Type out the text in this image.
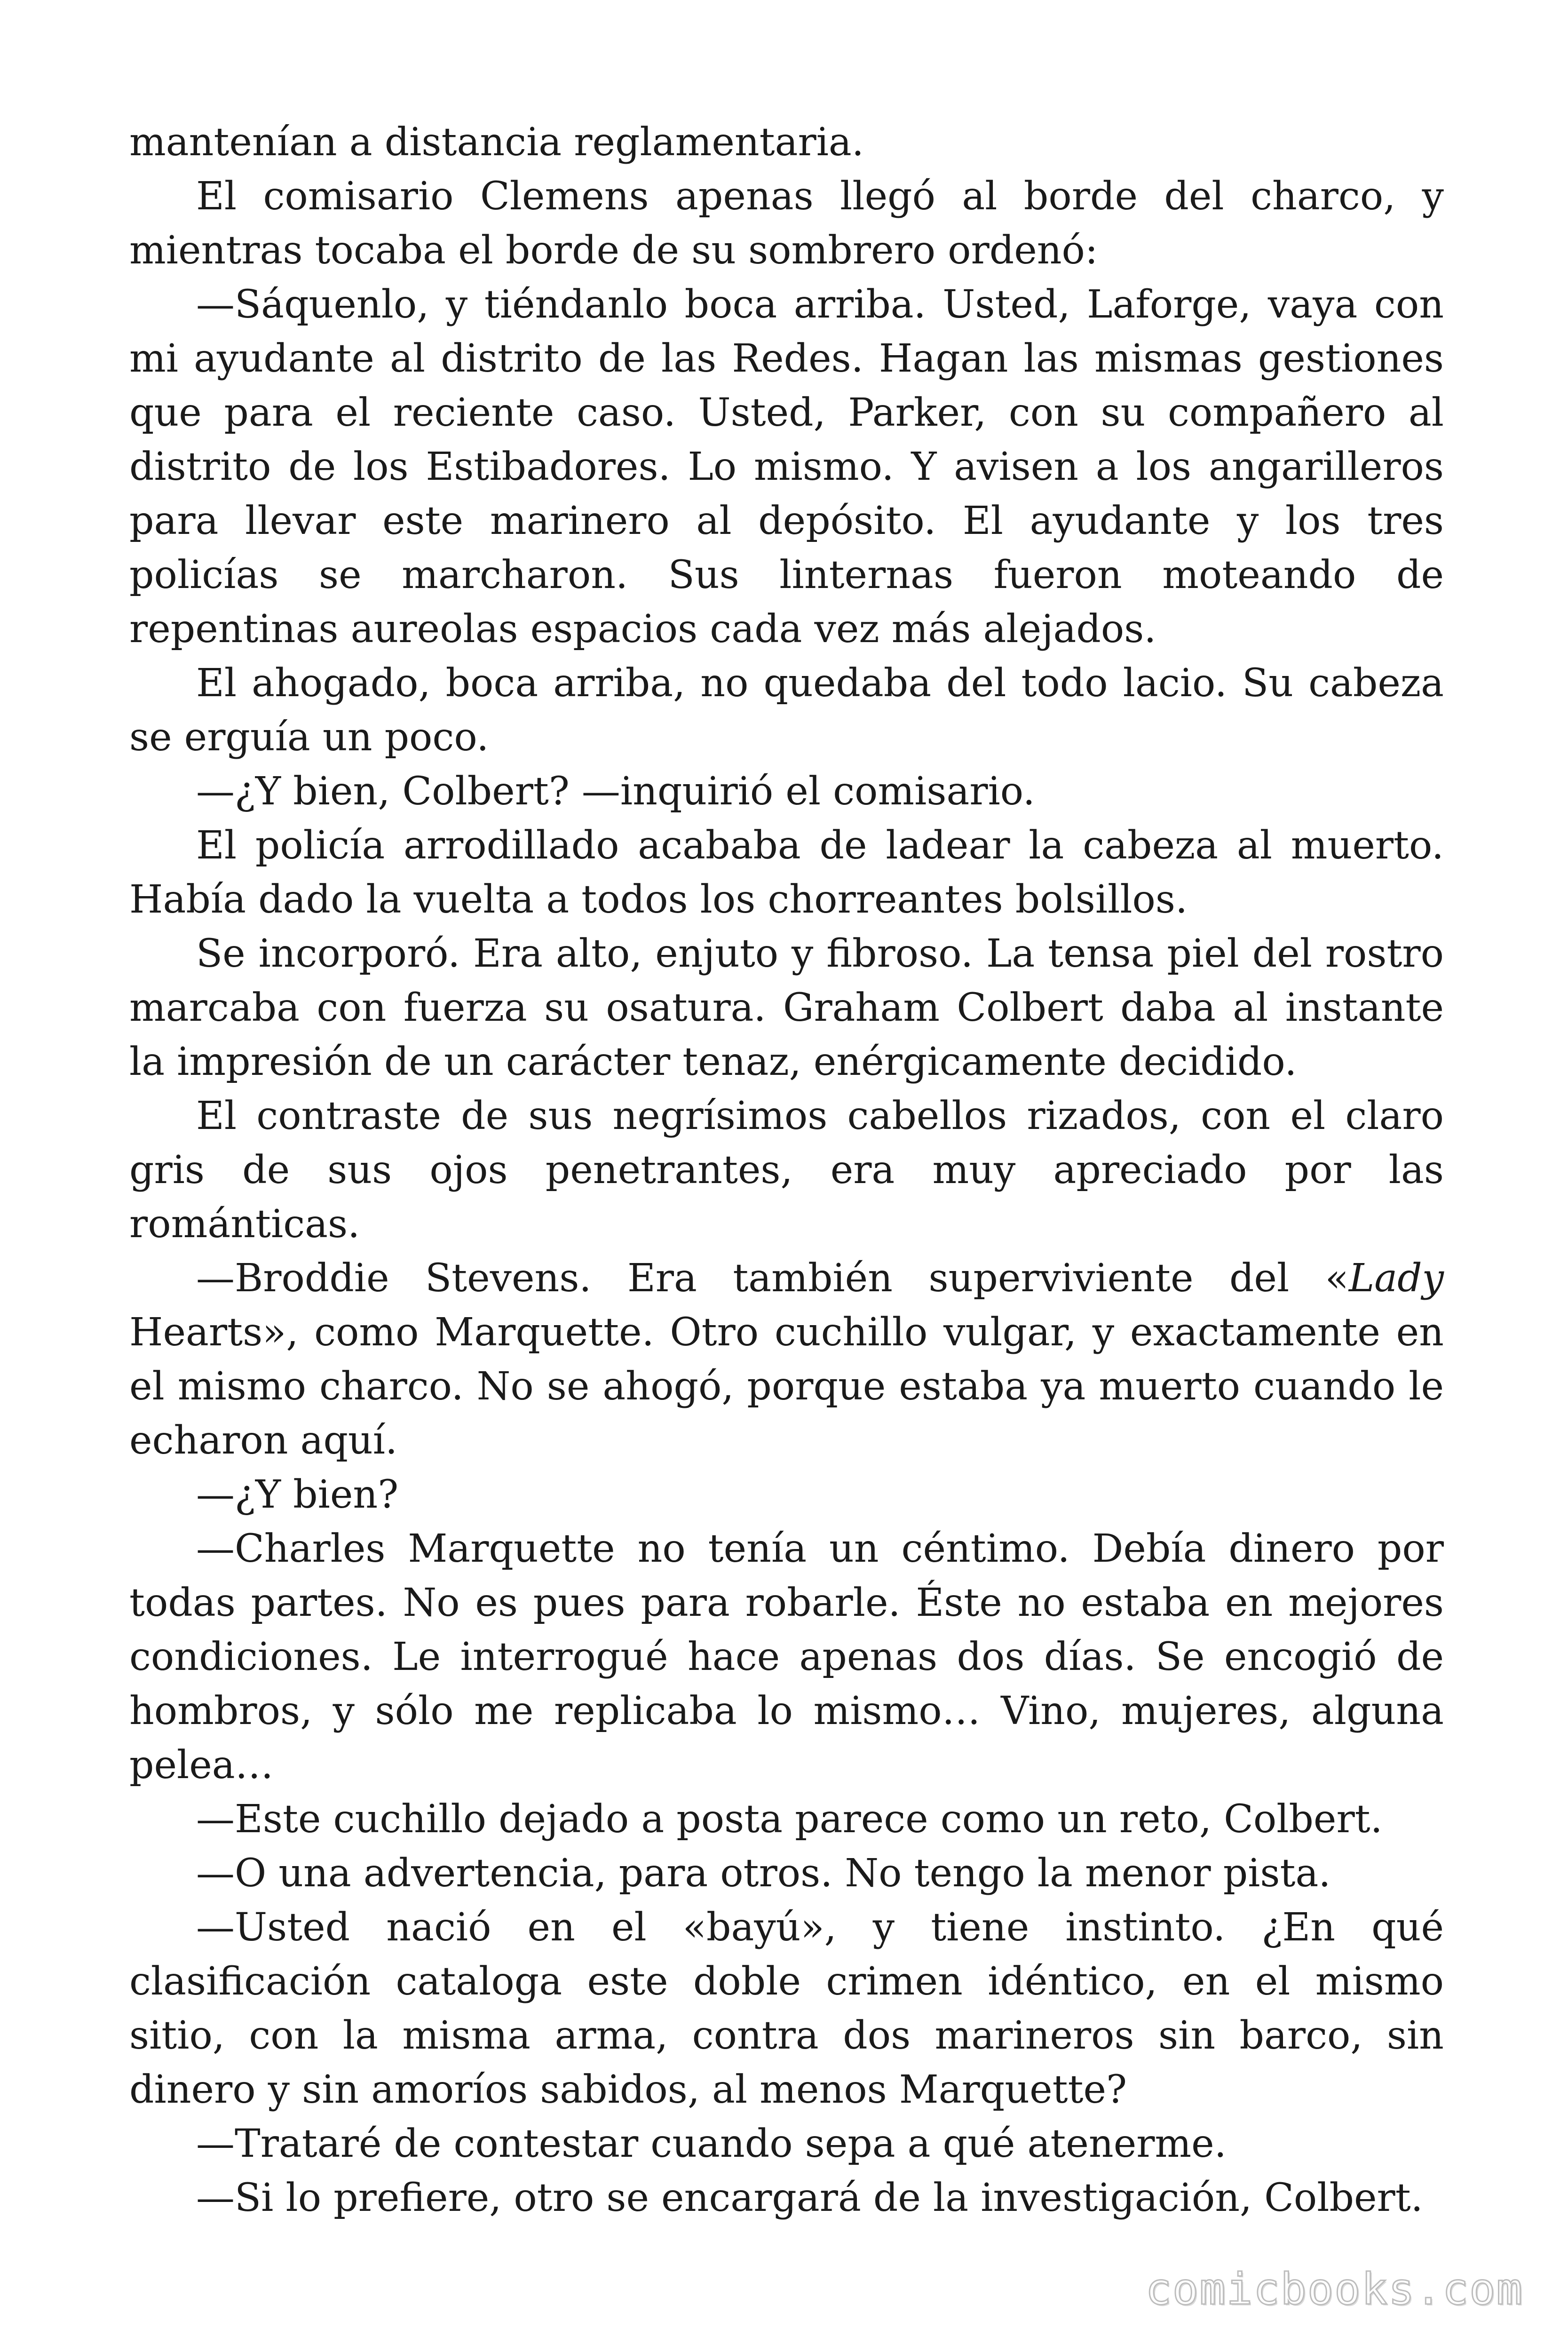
mantenían a distancia reglamentaria.

El comisario Clemens apenas llegó al borde del charco, y mientras tocaba el borde de su sombrero ordenó:

—Sáquenlo, y tiéndanlo boca arriba. Usted, Laforge, vaya con mi ayudante al distrito de las Redes. Hagan las mismas gestiones que para el reciente caso. Usted, Parker, con su compañero al distrito de los Estibadores. Lo mismo. Y avisen a los angarilleros para llevar este marinero al depósito. El ayudante y los tres policías se marcharon. Sus linternas fueron moteando de repentinas aureolas espacios cada vez más alejados.

El ahogado, boca arriba, no quedaba del todo lacio. Su cabeza se erguía un poco.

—¿Y bien, Colbert? —inquirió el comisario.

El policía arrodillado acababa de ladear la cabeza al muerto. Había dado la vuelta a todos los chorreantes bolsillos.

Se incorporó. Era alto, enjuto y fibroso. La tensa piel del rostro marcaba con fuerza su osatura. Graham Colbert daba al instante la impresión de un carácter tenaz, enérgicamente decidido.

El contraste de sus negrísimos cabellos rizados, con el claro gris de sus ojos penetrantes, era muy apreciado por las románticas.

—Broddie Stevens. Era también superviviente del «Lady Hearts», como Marquette. Otro cuchillo vulgar, y exactamente en el mismo charco. No se ahogó, porque estaba ya muerto cuando le echaron aquí.

—¿Y bien?

—Charles Marquette no tenía un céntimo. Debía dinero por todas partes. No es pues para robarle. Éste no estaba en mejores condiciones. Le interrogué hace apenas dos días. Se encogió de hombros, y sólo me replicaba lo mismo… Vino, mujeres, alguna pelea…

—Este cuchillo dejado a posta parece como un reto, Colbert.

—O una advertencia, para otros. No tengo la menor pista.

—Usted nació en el «bayú», y tiene instinto. ¿En qué clasificación cataloga este doble crimen idéntico, en el mismo sitio, con la misma arma, contra dos marineros sin barco, sin dinero y sin amoríos sabidos, al menos Marquette?

—Trataré de contestar cuando sepa a qué atenerme.

—Si lo prefiere, otro se encargará de la investigación, Colbert.

comicbooks.com
